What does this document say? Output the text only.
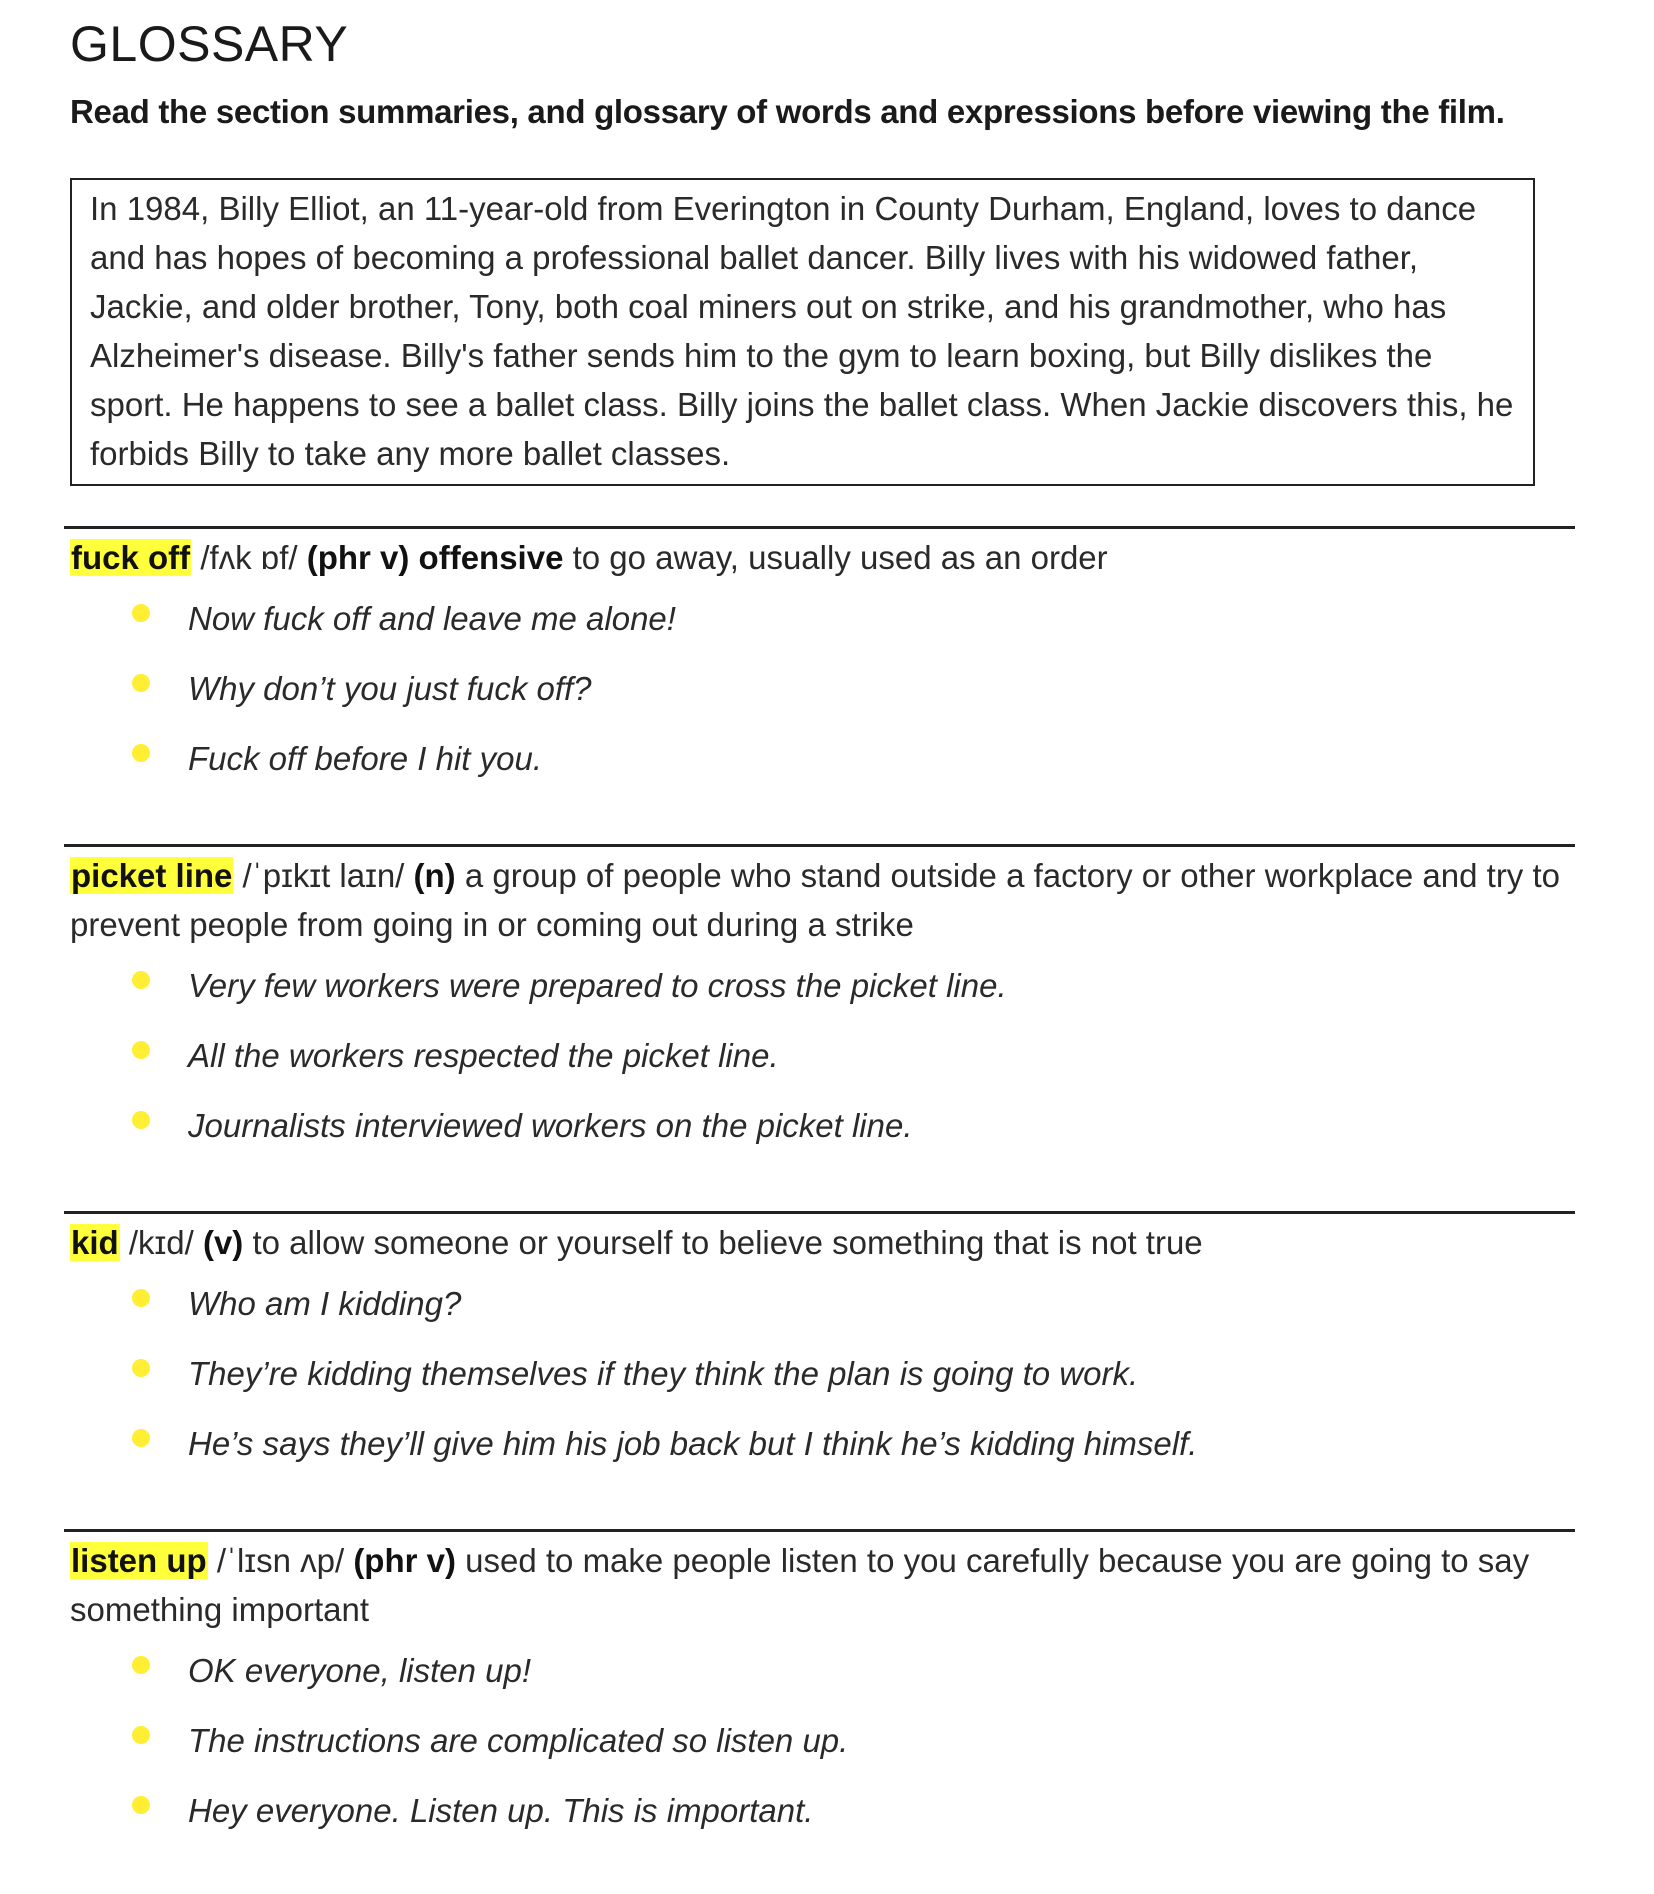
GLOSSARY

Read the section summaries, and glossary of words and expressions before viewing the film.

In 1984, Billy Elliot, an 11-year-old from Everington in County Durham, England, loves to dance and has hopes of becoming a professional ballet dancer. Billy lives with his widowed father, Jackie, and older brother, Tony, both coal miners out on strike, and his grandmother, who has Alzheimer's disease. Billy's father sends him to the gym to learn boxing, but Billy dislikes the sport. He happens to see a ballet class. Billy joins the ballet class. When Jackie discovers this, he forbids Billy to take any more ballet classes.

fuck off /fʌk ɒf/ (phr v) offensive to go away, usually used as an order

Now fuck off and leave me alone!
Why don’t you just fuck off?
Fuck off before I hit you.

picket line /ˈpɪkɪt laɪn/ (n) a group of people who stand outside a factory or other workplace and try to prevent people from going in or coming out during a strike

Very few workers were prepared to cross the picket line.
All the workers respected the picket line.
Journalists interviewed workers on the picket line.

kid /kɪd/ (v) to allow someone or yourself to believe something that is not true

Who am I kidding?
They’re kidding themselves if they think the plan is going to work.
He’s says they’ll give him his job back but I think he’s kidding himself.

listen up /ˈlɪsn ʌp/ (phr v) used to make people listen to you carefully because you are going to say something important

OK everyone, listen up!
The instructions are complicated so listen up.
Hey everyone. Listen up. This is important.
